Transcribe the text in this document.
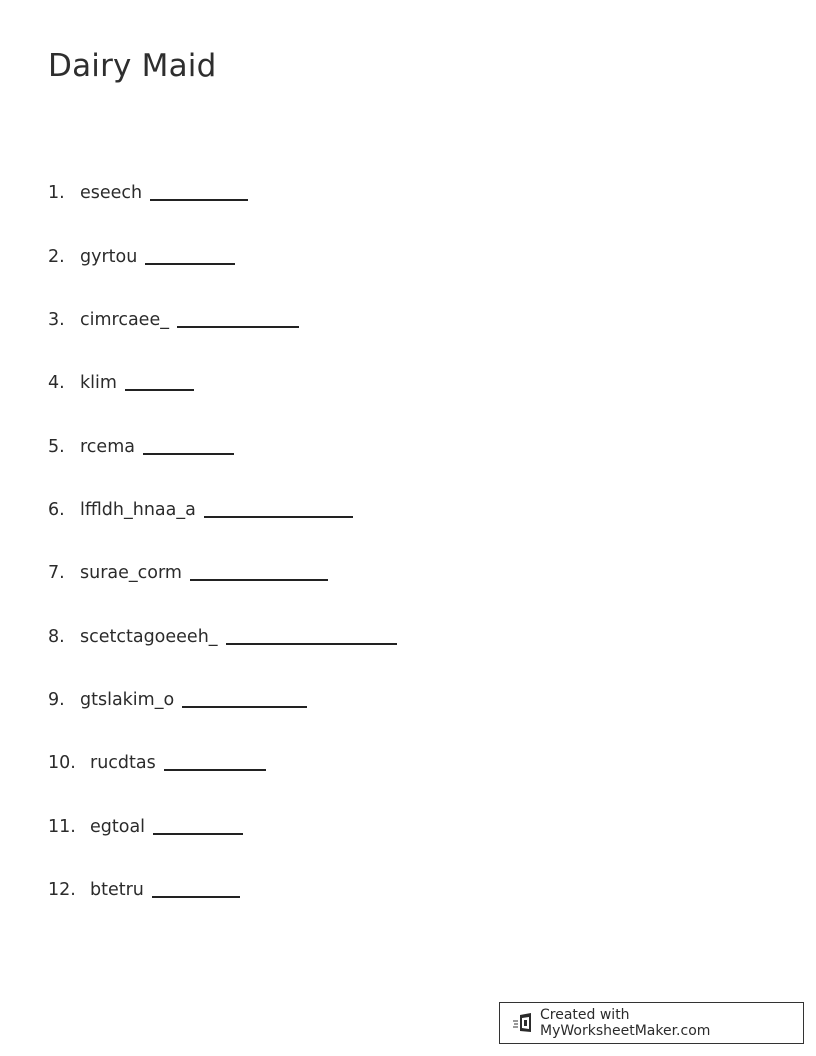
Dairy Maid
1. eseech
2. gyrtou
3. cimrcaee_
4. klim
5. rcema
6. lffldh_hnaa_a
7. surae_corm
8. scetctagoeeeh_
9. gtslakim_o
10. rucdtas
11. egtoal
12. btetru
Created with MyWorksheetMaker.com
